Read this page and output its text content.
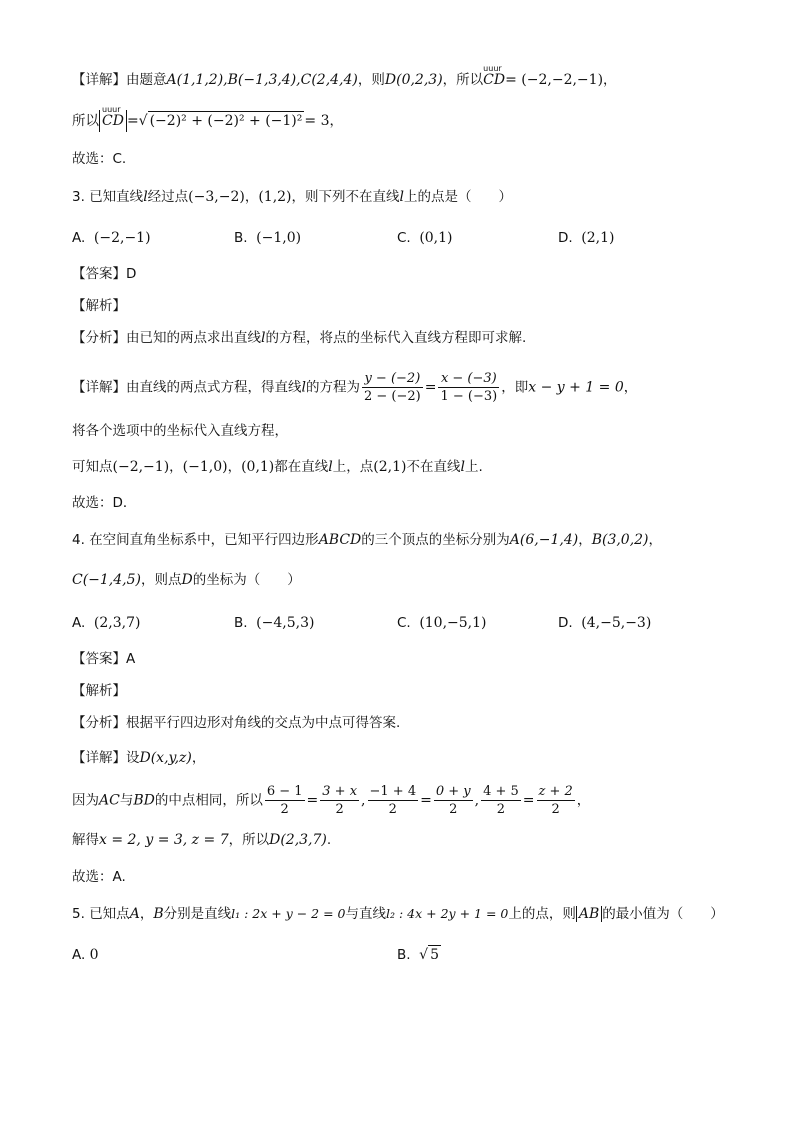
【详解】由题意A(1,1,2),B(−1,3,4),C(2,4,4)，则D(0,2,3)，所以
uuur
CD= (−2,−2,−1)，
所以
uuur
CD =√ (−2)² + (−2)² + (−1)² = 3，
故选：C.
3. 已知直线l经过点(−3,−2)，(1,2)，则下列不在直线l上的点是（　　）
A. (−2,−1)	B. (−1,0)	C. (0,1)	D. (2,1)
【答案】D
【解析】
【分析】由已知的两点求出直线l的方程，将点的坐标代入直线方程即可求解.
【详解】由直线的两点式方程，得直线l的方程为 $\frac{y - (-2)}{2 - (-2)} = \frac{x - (-3)}{1 - (-3)}$ ，即x − y + 1 = 0，
将各个选项中的坐标代入直线方程，
可知点(−2,−1)，(−1,0)，(0,1)都在直线l上，点(2,1)不在直线l上.
故选：D．
4. 在空间直角坐标系中，已知平行四边形ABCD的三个顶点的坐标分别为A(6,−1,4)，B(3,0,2)，
C(−1,4,5)，则点D的坐标为（　　）
A. (2,3,7)	B. (−4,5,3)	C. (10,−5,1)	D. (4,−5,−3)
【答案】A
【解析】
【分析】根据平行四边形对角线的交点为中点可得答案.
【详解】设D(x,y,z)，
因为AC与BD的中点相同，所以 $\frac{6 - 1}{2} = \frac{3 + x}{2}$ , $\frac{-1 + 4}{2} = \frac{0 + y}{2}$ , $\frac{4 + 5}{2} = \frac{z + 2}{2}$ ，
解得x = 2, y = 3, z = 7，所以D(2,3,7).
故选：A.
5. 已知点A，B分别是直线l₁ : 2x + y − 2 = 0与直线l₂ : 4x + 2y + 1 = 0上的点，则 AB 的最小值为（　　）
A. 0	B. √ 5
